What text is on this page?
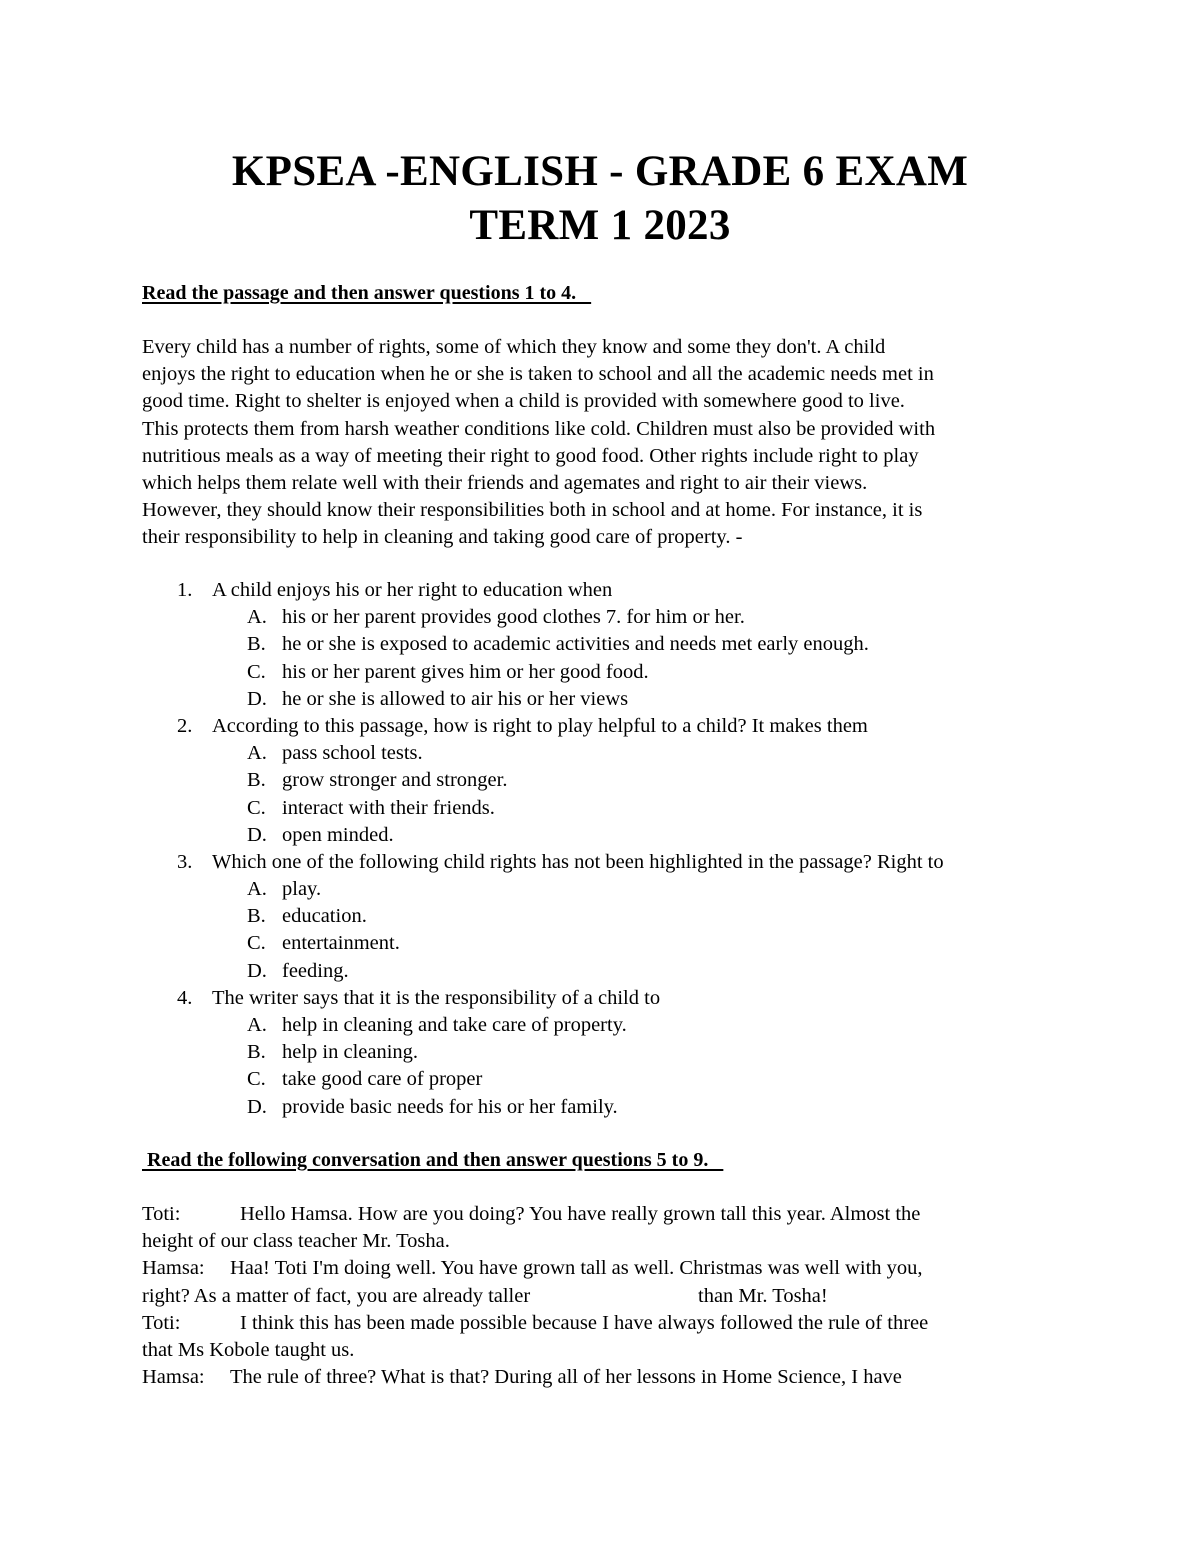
KPSEA -ENGLISH - GRADE 6 EXAM
TERM 1 2023
Read the passage and then answer questions 1 to 4.
Every child has a number of rights, some of which they know and some they don't. A child
enjoys the right to education when he or she is taken to school and all the academic needs met in
good time. Right to shelter is enjoyed when a child is provided with somewhere good to live.
This protects them from harsh weather conditions like cold. Children must also be provided with
nutritious meals as a way of meeting their right to good food. Other rights include right to play
which helps them relate well with their friends and agemates and right to air their views.
However, they should know their responsibilities both in school and at home. For instance, it is
their responsibility to help in cleaning and taking good care of property. -
1. A child enjoys his or her right to education when
A. his or her parent provides good clothes 7. for him or her.
B. he or she is exposed to academic activities and needs met early enough.
C. his or her parent gives him or her good food.
D. he or she is allowed to air his or her views
2. According to this passage, how is right to play helpful to a child? It makes them
A. pass school tests.
B. grow stronger and stronger.
C. interact with their friends.
D. open minded.
3. Which one of the following child rights has not been highlighted in the passage? Right to
A. play.
B. education.
C. entertainment.
D. feeding.
4. The writer says that it is the responsibility of a child to
A. help in cleaning and take care of property.
B. help in cleaning.
C. take good care of proper
D. provide basic needs for his or her family.
Read the following conversation and then answer questions 5 to 9.
Toti:	Hello Hamsa. How are you doing? You have really grown tall this year. Almost the
height of our class teacher Mr. Tosha.
Hamsa: Haa! Toti I'm doing well. You have grown tall as well. Christmas was well with you,
right? As a matter of fact, you are already taller	than Mr. Tosha!
Toti:	I think this has been made possible because I have always followed the rule of three
that Ms Kobole taught us.
Hamsa: The rule of three? What is that? During all of her lessons in Home Science, I have
